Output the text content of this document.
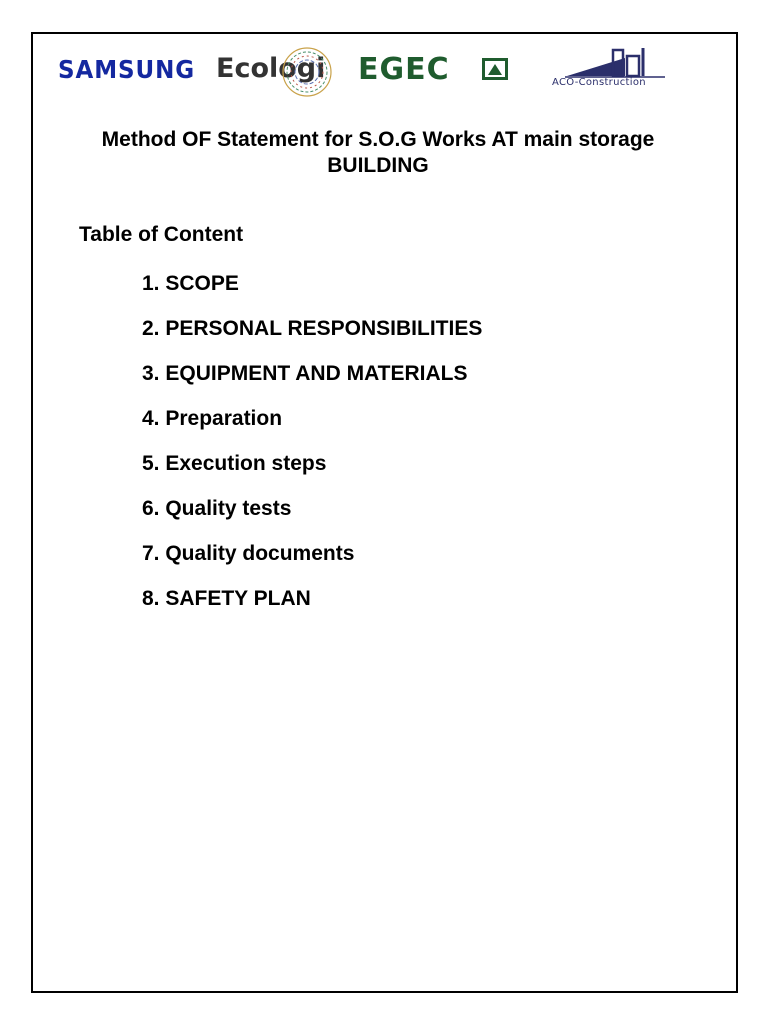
SAMSUNG Ecologi EGEC	ACO-Construction
Method OF Statement for S.O.G Works AT main storage
BUILDING
Table of Content
1. SCOPE
2. PERSONAL RESPONSIBILITIES
3. EQUIPMENT AND MATERIALS
4. Preparation
5. Execution steps
6. Quality tests
7. Quality documents
8. SAFETY PLAN
